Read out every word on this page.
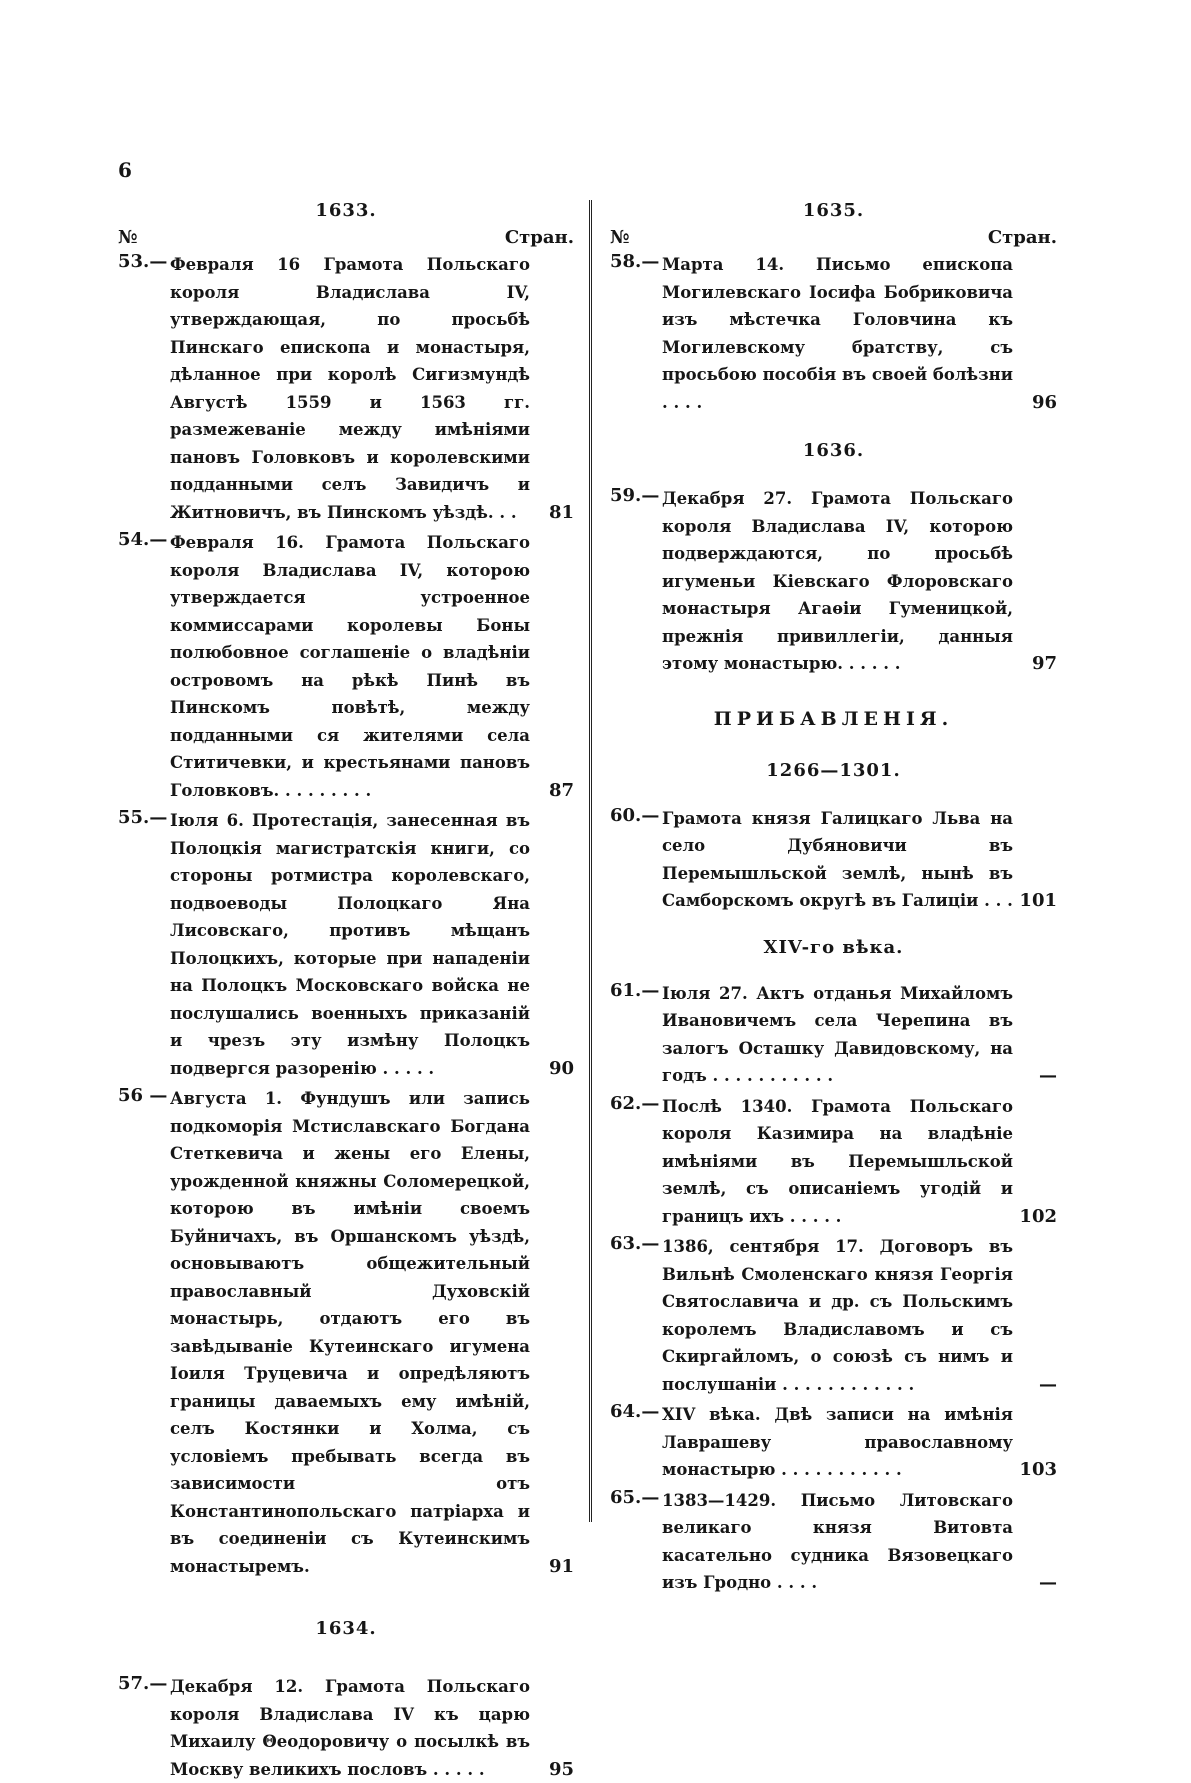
6
1633.
№	Стран.
53.— Февраля 16 Грамота Польскаго короля Владислава IV, утверждающая, по просьбѣ Пинскаго епископа и монастыря, дѣланное при королѣ Сигизмундѣ Августѣ 1559 и 1563 гг. размежеваніе между имѣніями пановъ Головковъ и королевскими подданными селъ Завидичъ и Житновичъ, въ Пинскомъ уѣздѣ. . .	81
54.— Февраля 16. Грамота Польскаго короля Владислава IV, которою утверждается устроенное коммиссарами королевы Боны полюбовное соглашеніе о владѣніи островомъ на рѣкѣ Пинѣ въ Пинскомъ повѣтѣ, между подданными ся жителями села Ститичевки, и крестьянами пановъ Головковъ. . . . . . . . .	87
55.— Іюля 6. Протестація, занесенная въ Полоцкія магистратскія книги, со стороны ротмистра королевскаго, подвоеводы Полоцкаго Яна Лисовскаго, противъ мѣщанъ Полоцкихъ, которые при нападеніи на Полоцкъ Московскаго войска не послушались военныхъ приказаній и чрезъ эту измѣну Полоцкъ подвергся разоренію . . . . .	90
56 — Августа 1. Фундушъ или запись подкоморія Мстиславскаго Богдана Стеткевича и жены его Елены, урожденной княжны Соломерецкой, которою въ имѣніи своемъ Буйничахъ, въ Оршанскомъ уѣздѣ, основываютъ общежительный православный Духовскій монастырь, отдаютъ его въ завѣдываніе Кутеинскаго игумена Іоиля Труцевича и опредѣляютъ границы даваемыхъ ему имѣній, селъ Костянки и Холма, съ условіемъ пребывать всегда въ зависимости отъ Константинопольскаго патріарха и въ соединеніи съ Кутеинскимъ монастыремъ.	91
1634.
57.— Декабря 12. Грамота Польскаго короля Владислава IV къ царю Михаилу Θеодоровичу о посылкѣ въ Москву великихъ пословъ . . . . .	95
1635.
№	Стран.
58.— Марта 14. Письмо епископа Могилевскаго Іосифа Бобриковича изъ мѣстечка Головчина къ Могилевскому братству, съ просьбою пособія въ своей болѣзни . . . .	96
1636.
59.— Декабря 27. Грамота Польскаго короля Владислава IV, которою подверждаются, по просьбѣ игуменьи Кіевскаго Флоровскаго монастыря Агаѳіи Гуменицкой, прежнія привиллегіи, данныя этому монастырю. . . . . .	97
ПРИБАВЛЕНІЯ.
1266—1301.
60.— Грамота князя Галицкаго Льва на село Дубяновичи въ Перемышльской землѣ, нынѣ въ Самборскомъ округѣ въ Галиціи . . . 101
XIV-го вѣка.
61.— Іюля 27. Актъ отданья Михайломъ Ивановичемъ села Черепина въ залогъ Осташку Давидовскому, на годъ . . . . . . . . . . .	—
62.— Послѣ 1340. Грамота Польскаго короля Казимира на владѣніе имѣніями въ Перемышльской землѣ, съ описаніемъ угодій и границъ ихъ . . . . .	102
63.— 1386, сентября 17. Договоръ въ Вильнѣ Смоленскаго князя Георгія Святославича и др. съ Польскимъ королемъ Владиславомъ и съ Скиргайломъ, о союзѣ съ нимъ и послушаніи . . . . . . . . . . . .	—
64.— XIV вѣка. Двѣ записи на имѣнія Лаврашеву православному монастырю . . . . . . . . . . .	103
65.— 1383—1429. Письмо Литовскаго великаго князя Витовта касательно судника Вязовецкаго изъ Гродно . . . .	—
